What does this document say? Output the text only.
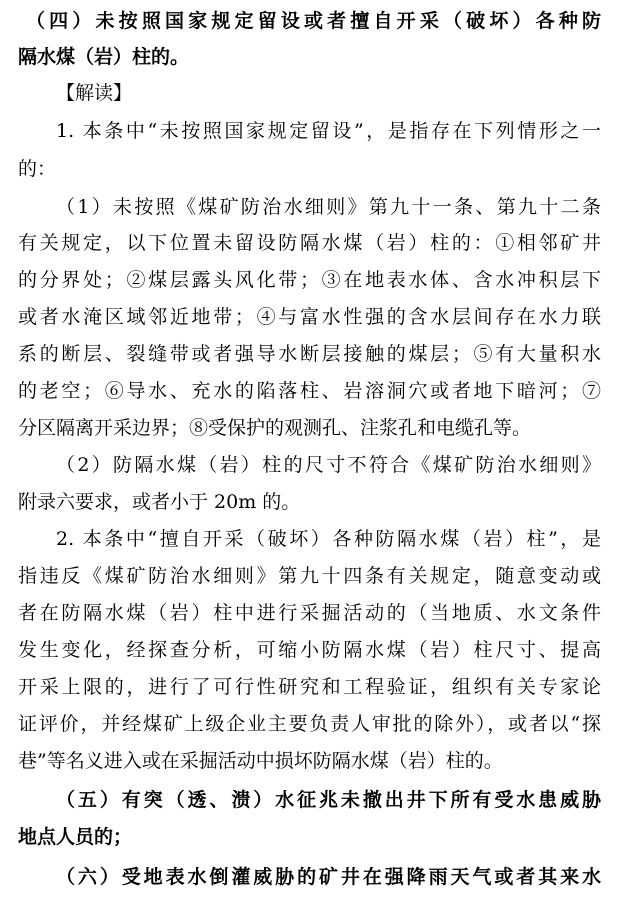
（四）未按照国家规定留设或者擅自开采（破坏）各种防
隔水煤（岩）柱的。
【解读】
1. 本条中“未按照国家规定留设”，是指存在下列情形之一
的：
（1）未按照《煤矿防治水细则》第九十一条、第九十二条
有关规定，以下位置未留设防隔水煤（岩）柱的：①相邻矿井
的分界处；②煤层露头风化带；③在地表水体、含水冲积层下
或者水淹区域邻近地带；④与富水性强的含水层间存在水力联
系的断层、裂缝带或者强导水断层接触的煤层；⑤有大量积水
的老空；⑥导水、充水的陷落柱、岩溶洞穴或者地下暗河；⑦
分区隔离开采边界；⑧受保护的观测孔、注浆孔和电缆孔等。
（2）防隔水煤（岩）柱的尺寸不符合《煤矿防治水细则》
附录六要求，或者小于 20m 的。
2. 本条中“擅自开采（破坏）各种防隔水煤（岩）柱”，是
指违反《煤矿防治水细则》第九十四条有关规定，随意变动或
者在防隔水煤（岩）柱中进行采掘活动的（当地质、水文条件
发生变化，经探查分析，可缩小防隔水煤（岩）柱尺寸、提高
开采上限的，进行了可行性研究和工程验证，组织有关专家论
证评价，并经煤矿上级企业主要负责人审批的除外），或者以“探
巷”等名义进入或在采掘活动中损坏防隔水煤（岩）柱的。
（五）有突（透、溃）水征兆未撤出井下所有受水患威胁
地点人员的；
（六）受地表水倒灌威胁的矿井在强降雨天气或者其来水
